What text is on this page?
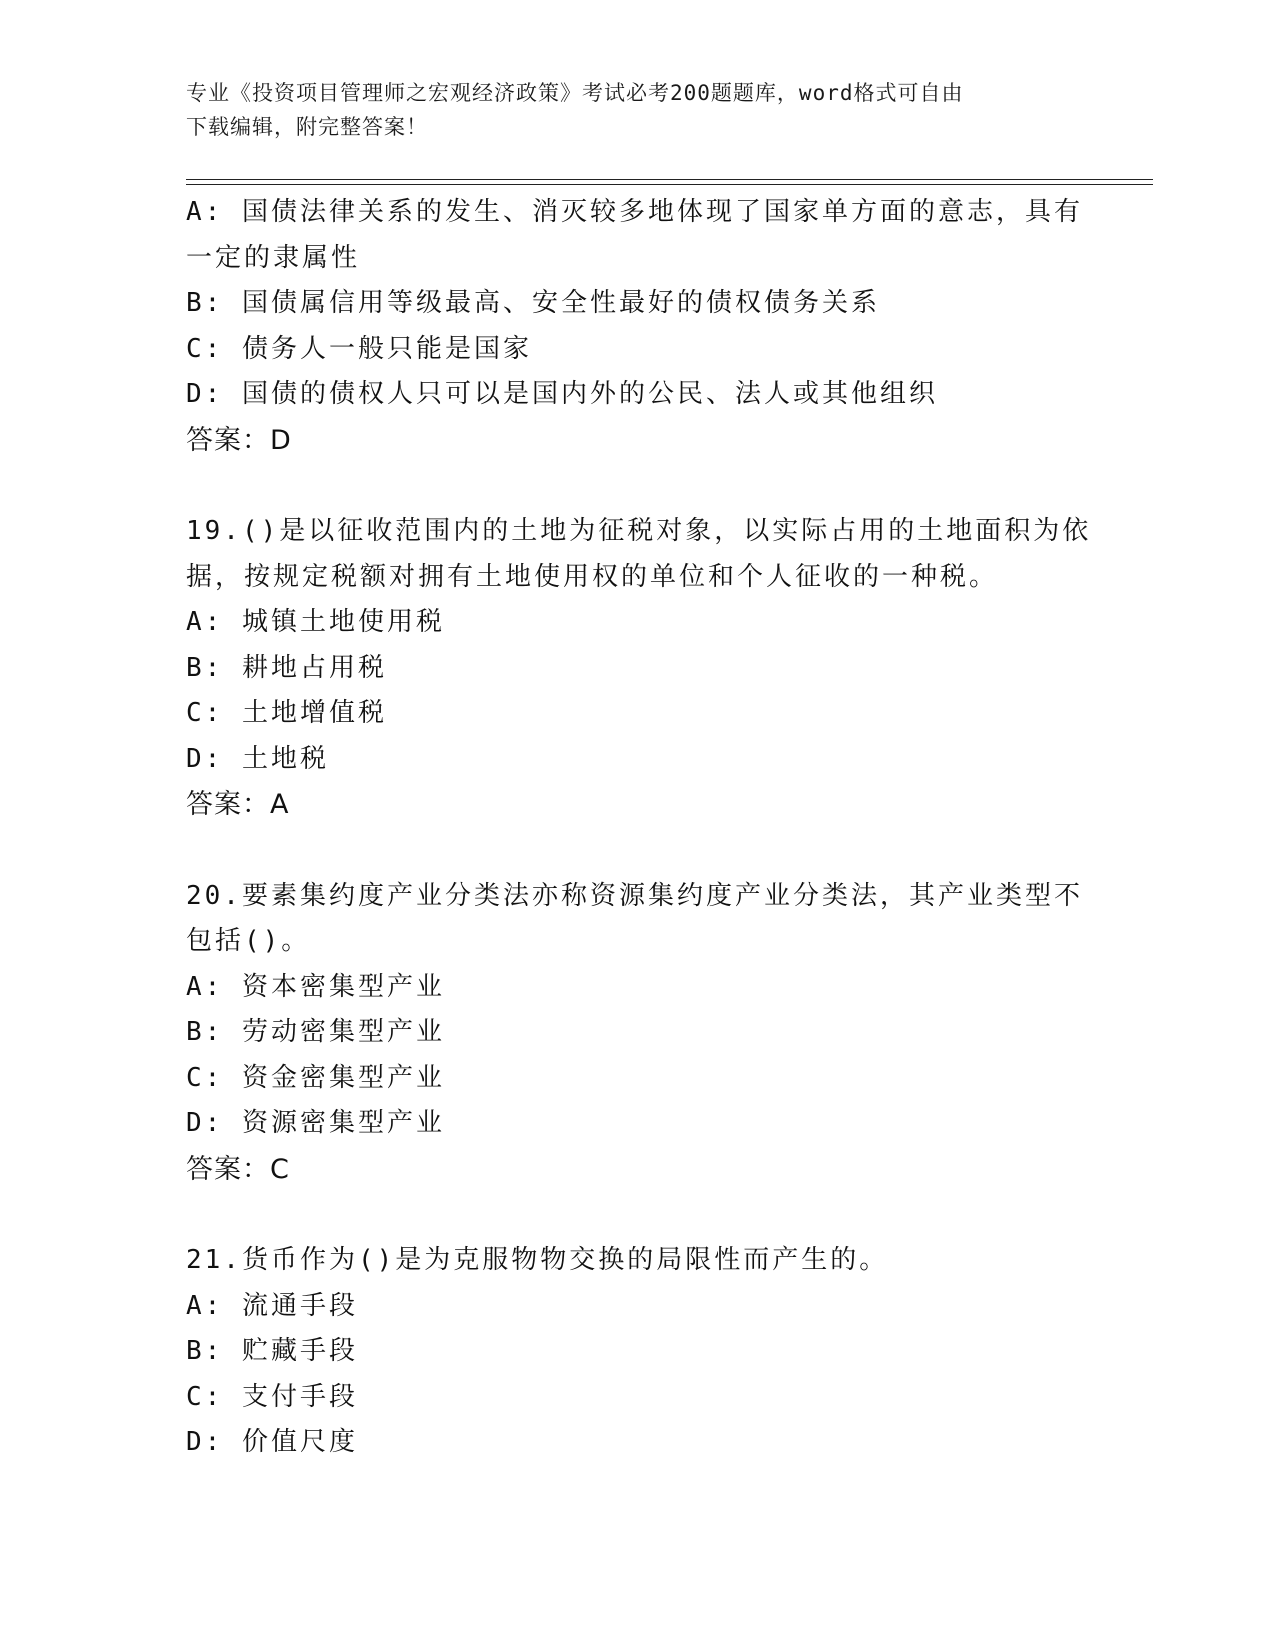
专业《投资项目管理师之宏观经济政策》考试必考200题题库，word格式可自由
下载编辑，附完整答案！
A: 国债法律关系的发生、消灭较多地体现了国家单方面的意志，具有
一定的隶属性
B: 国债属信用等级最高、安全性最好的债权债务关系
C: 债务人一般只能是国家
D: 国债的债权人只可以是国内外的公民、法人或其他组织
答案：D
19.()是以征收范围内的土地为征税对象，以实际占用的土地面积为依
据，按规定税额对拥有土地使用权的单位和个人征收的一种税。
A: 城镇土地使用税
B: 耕地占用税
C: 土地增值税
D: 土地税
答案：A
20.要素集约度产业分类法亦称资源集约度产业分类法，其产业类型不
包括()。
A: 资本密集型产业
B: 劳动密集型产业
C: 资金密集型产业
D: 资源密集型产业
答案：C
21.货币作为()是为克服物物交换的局限性而产生的。
A: 流通手段
B: 贮藏手段
C: 支付手段
D: 价值尺度
